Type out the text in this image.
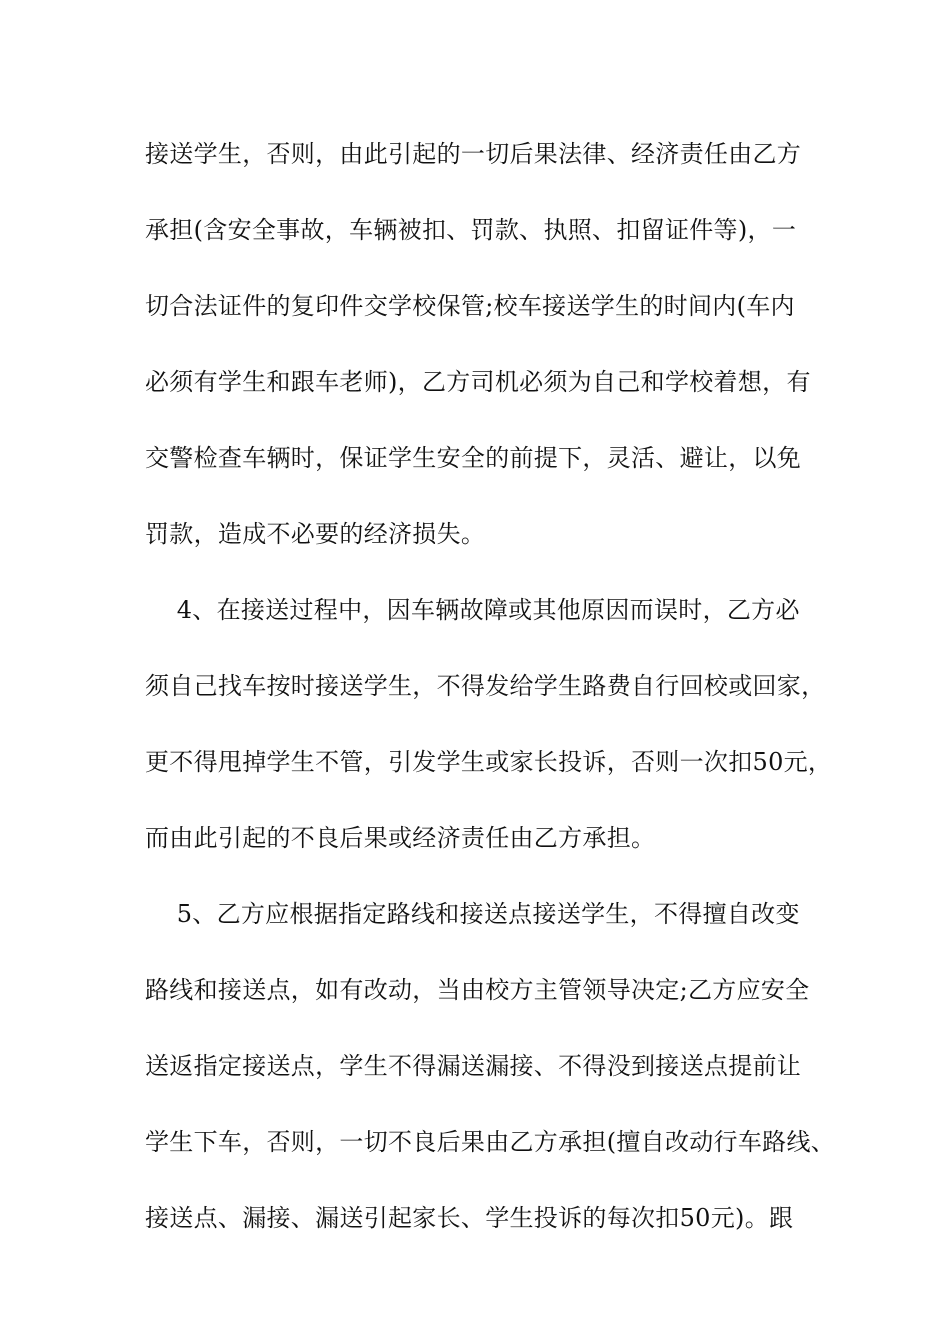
接送学生，否则，由此引起的一切后果法律、经济责任由乙方
承担(含安全事故，车辆被扣、罚款、执照、扣留证件等)，一
切合法证件的复印件交学校保管;校车接送学生的时间内(车内
必须有学生和跟车老师)，乙方司机必须为自己和学校着想，有
交警检查车辆时，保证学生安全的前提下，灵活、避让，以免
罚款，造成不必要的经济损失。
4、在接送过程中，因车辆故障或其他原因而误时，乙方必
须自己找车按时接送学生，不得发给学生路费自行回校或回家，
更不得甩掉学生不管，引发学生或家长投诉，否则一次扣50元，
而由此引起的不良后果或经济责任由乙方承担。
5、乙方应根据指定路线和接送点接送学生，不得擅自改变
路线和接送点，如有改动，当由校方主管领导决定;乙方应安全
送返指定接送点，学生不得漏送漏接、不得没到接送点提前让
学生下车，否则，一切不良后果由乙方承担(擅自改动行车路线、
接送点、漏接、漏送引起家长、学生投诉的每次扣50元)。跟
